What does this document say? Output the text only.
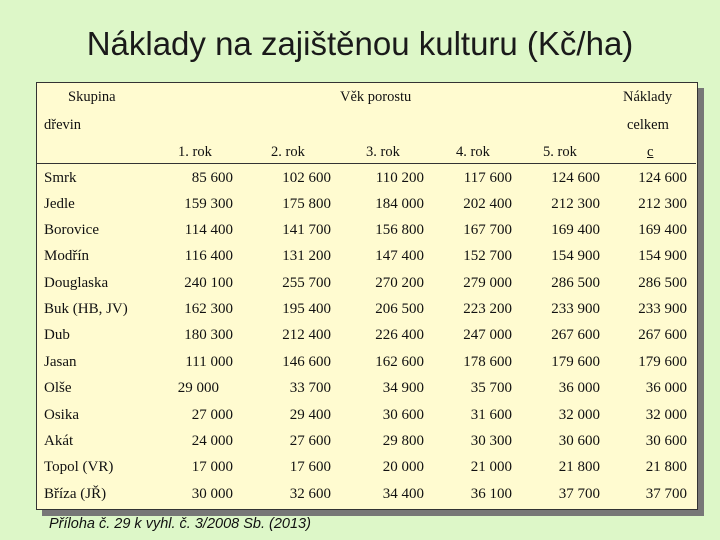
Náklady na zajištěnou kulturu (Kč/ha)
Skupina
dřevin
Věk porostu	Náklady
celkem
1. rok	2. rok	3. rok	4. rok	5. rok	c
Smrk	85 600	102 600	110 200	117 600	124 600	124 600
Jedle	159 300	175 800	184 000	202 400	212 300	212 300
Borovice	114 400	141 700	156 800	167 700	169 400	169 400
Modřín	116 400	131 200	147 400	152 700	154 900	154 900
Douglaska	240 100	255 700	270 200	279 000	286 500	286 500
Buk (HB, JV)	162 300	195 400	206 500	223 200	233 900	233 900
Dub	180 300	212 400	226 400	247 000	267 600	267 600
Jasan	111 000	146 600	162 600	178 600	179 600	179 600
Olše	29 000	33 700	34 900	35 700	36 000	36 000
Osika	27 000	29 400	30 600	31 600	32 000	32 000
Akát	24 000	27 600	29 800	30 300	30 600	30 600
Topol (VR)	17 000	17 600	20 000	21 000	21 800	21 800
Bříza (JŘ)	30 000	32 600	34 400	36 100	37 700	37 700
Příloha č. 29 k vyhl. č. 3/2008 Sb. (2013)
